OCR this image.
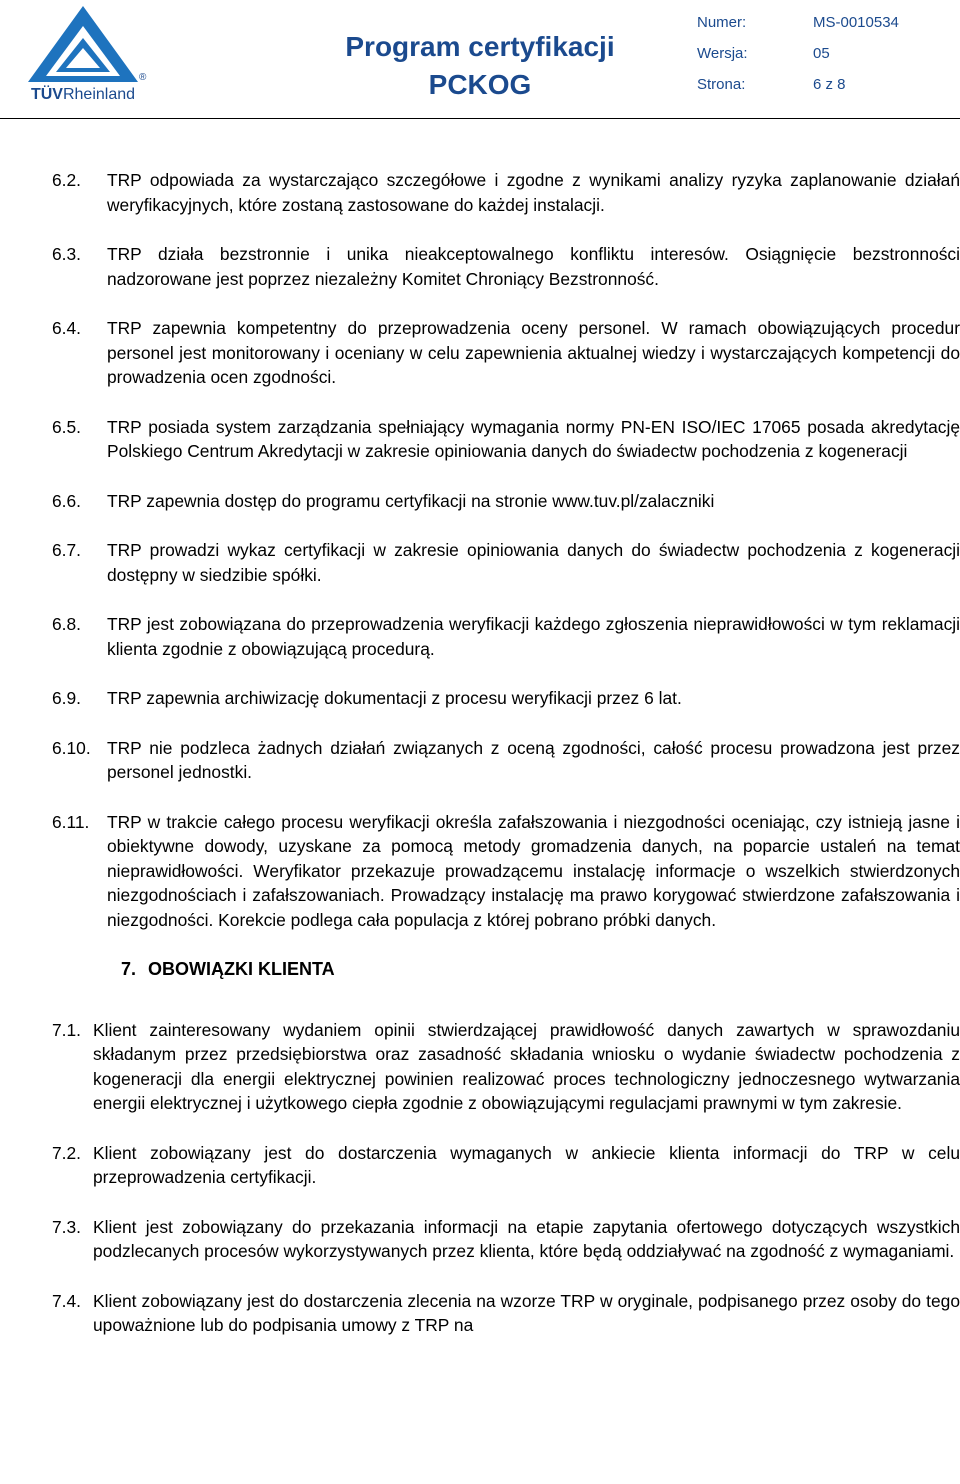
TÜVRheinland
®
Program certyfikacji
PCKOG
Numer:	MS-0010534
Wersja:	05
Strona:	6 z 8
6.2.	TRP odpowiada za wystarczająco szczegółowe i zgodne z wynikami analizy ryzyka zaplanowanie działań weryfikacyjnych, które zostaną zastosowane do każdej instalacji.
6.3.	TRP działa bezstronnie i unika nieakceptowalnego konfliktu interesów. Osiągnięcie bezstronności nadzorowane jest poprzez niezależny Komitet Chroniący Bezstronność.
6.4.	TRP zapewnia kompetentny do przeprowadzenia oceny personel. W ramach obowiązujących procedur personel jest monitorowany i oceniany w celu zapewnienia aktualnej wiedzy i wystarczających kompetencji do prowadzenia ocen zgodności.
6.5.	TRP posiada system zarządzania spełniający wymagania normy PN-EN ISO/IEC 17065 posada akredytację Polskiego Centrum Akredytacji w zakresie opiniowania danych do świadectw pochodzenia z kogeneracji
6.6.	TRP zapewnia dostęp do programu certyfikacji na stronie www.tuv.pl/zalaczniki
6.7.	TRP prowadzi wykaz certyfikacji w zakresie opiniowania danych do świadectw pochodzenia z kogeneracji dostępny w siedzibie spółki.
6.8.	TRP jest zobowiązana do przeprowadzenia weryfikacji każdego zgłoszenia nieprawidłowości w tym reklamacji klienta zgodnie z obowiązującą procedurą.
6.9.	TRP zapewnia archiwizację dokumentacji z procesu weryfikacji przez 6 lat.
6.10. TRP nie podzleca żadnych działań związanych z oceną zgodności, całość procesu prowadzona jest przez personel jednostki.
6.11.	TRP w trakcie całego procesu weryfikacji określa zafałszowania i niezgodności oceniając, czy istnieją jasne i obiektywne dowody, uzyskane za pomocą metody gromadzenia danych, na poparcie ustaleń na temat nieprawidłowości. Weryfikator przekazuje prowadzącemu instalację informacje o wszelkich stwierdzonych niezgodnościach i zafałszowaniach. Prowadzący instalację ma prawo korygować stwierdzone zafałszowania i niezgodności. Korekcie podlega cała populacja z której pobrano próbki danych.
7. OBOWIĄZKI KLIENTA
7.1. Klient zainteresowany wydaniem opinii stwierdzającej prawidłowość danych zawartych w sprawozdaniu składanym przez przedsiębiorstwa oraz zasadność składania wniosku o wydanie świadectw pochodzenia z kogeneracji dla energii elektrycznej powinien realizować proces technologiczny jednoczesnego wytwarzania energii elektrycznej i użytkowego ciepła zgodnie z obowiązującymi regulacjami prawnymi w tym zakresie.
7.2. Klient zobowiązany jest do dostarczenia wymaganych w ankiecie klienta informacji do TRP w celu przeprowadzenia certyfikacji.
7.3. Klient jest zobowiązany do przekazania informacji na etapie zapytania ofertowego dotyczących wszystkich podzlecanych procesów wykorzystywanych przez klienta, które będą oddziaływać na zgodność z wymaganiami.
7.4. Klient zobowiązany jest do dostarczenia zlecenia na wzorze TRP w oryginale, podpisanego przez osoby do tego upoważnione lub do podpisania umowy z TRP na
